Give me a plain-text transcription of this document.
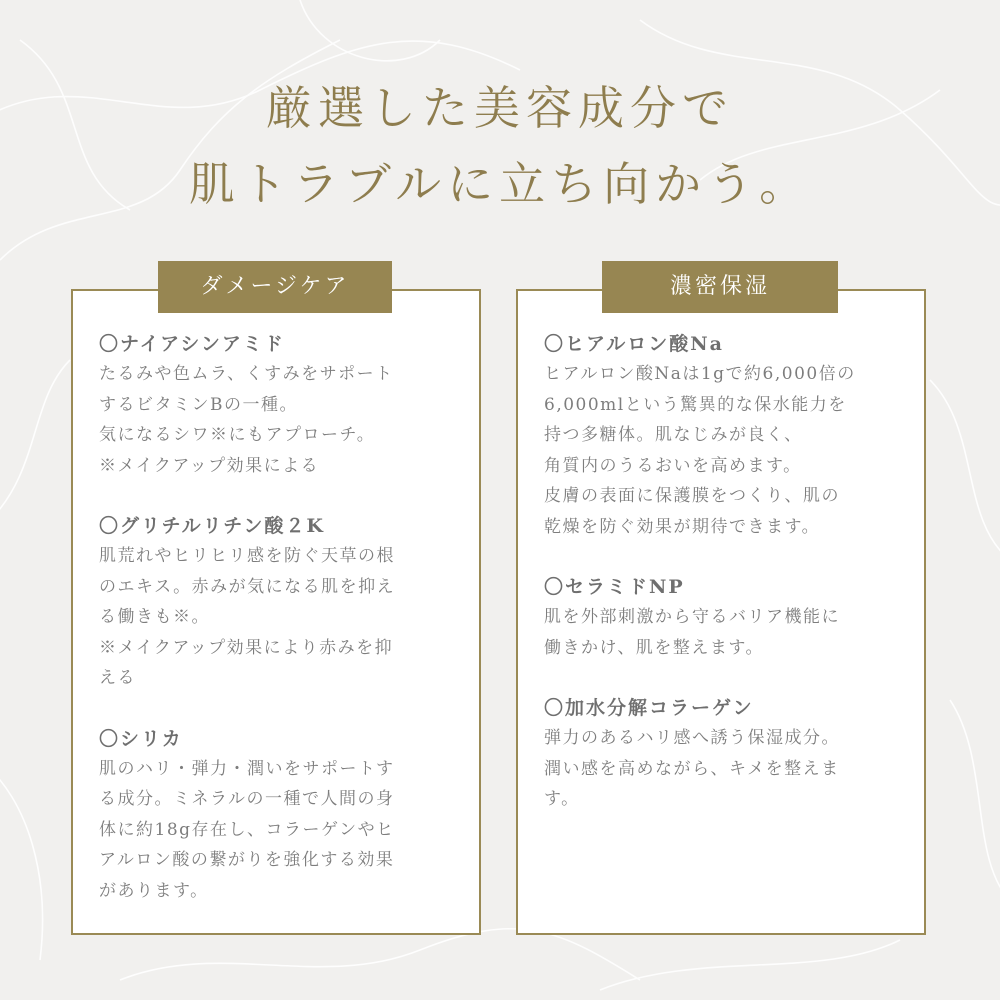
厳選した美容成分で
肌トラブルに立ち向かう。
ダメージケア
〇ナイアシンアミド
たるみや色ムラ、くすみをサポート
するビタミンBの一種。
気になるシワ※にもアプローチ。
※メイクアップ効果による
〇グリチルリチン酸２K
肌荒れやヒリヒリ感を防ぐ天草の根
のエキス。赤みが気になる肌を抑え
る働きも※。
※メイクアップ効果により赤みを抑
える
〇シリカ
肌のハリ・弾力・潤いをサポートす
る成分。ミネラルの一種で人間の身
体に約18g存在し、コラーゲンやヒ
アルロン酸の繋がりを強化する効果
があります。
濃密保湿
〇ヒアルロン酸Na
ヒアルロン酸Naは1gで約6,000倍の
6,000mlという驚異的な保水能力を
持つ多糖体。肌なじみが良く、
角質内のうるおいを高めます。
皮膚の表面に保護膜をつくり、肌の
乾燥を防ぐ効果が期待できます。
〇セラミドNP
肌を外部刺激から守るバリア機能に
働きかけ、肌を整えます。
〇加水分解コラーゲン
弾力のあるハリ感へ誘う保湿成分。
潤い感を高めながら、キメを整えま
す。
